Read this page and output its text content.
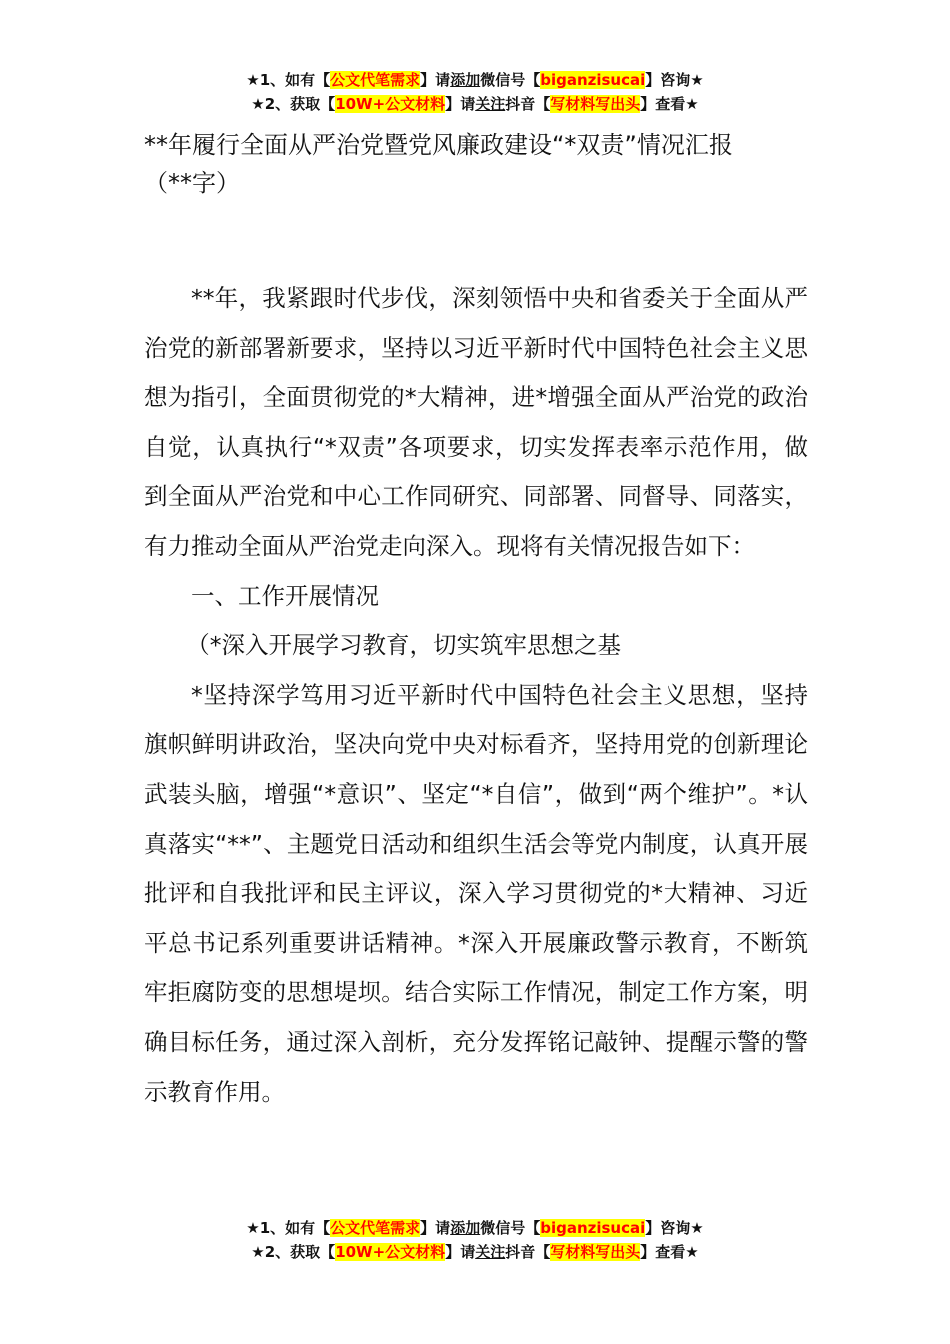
★1、如有【公文代笔需求】请添加微信号【biganzisucai】咨询★
★2、获取【10W+公文材料】请关注抖音【写材料写出头】查看★
**年履行全面从严治党暨党风廉政建设“*双责”情况汇报
（**字）

**年，我紧跟时代步伐，深刻领悟中央和省委关于全面从严治党的新部署新要求，坚持以习近平新时代中国特色社会主义思想为指引，全面贯彻党的*大精神，进*增强全面从严治党的政治自觉，认真执行“*双责”各项要求，切实发挥表率示范作用，做到全面从严治党和中心工作同研究、同部署、同督导、同落实，有力推动全面从严治党走向深入。现将有关情况报告如下：

一、工作开展情况

（*深入开展学习教育，切实筑牢思想之基

*坚持深学笃用习近平新时代中国特色社会主义思想，坚持旗帜鲜明讲政治，坚决向党中央对标看齐，坚持用党的创新理论武装头脑，增强“*意识”、坚定“*自信”，做到“两个维护”。*认真落实“**”、主题党日活动和组织生活会等党内制度，认真开展批评和自我批评和民主评议，深入学习贯彻党的*大精神、习近平总书记系列重要讲话精神。*深入开展廉政警示教育，不断筑牢拒腐防变的思想堤坝。结合实际工作情况，制定工作方案，明确目标任务，通过深入剖析，充分发挥铭记敲钟、提醒示警的警示教育作用。

★1、如有【公文代笔需求】请添加微信号【biganzisucai】咨询★
★2、获取【10W+公文材料】请关注抖音【写材料写出头】查看★
